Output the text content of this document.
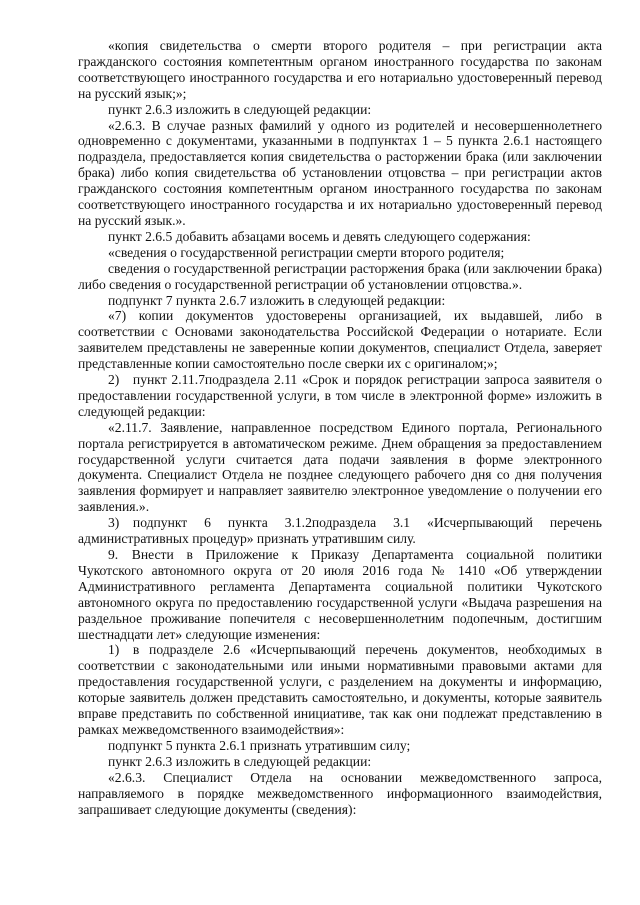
«копия свидетельства о смерти второго родителя – при регистрации акта гражданского состояния компетентным органом иностранного государства по законам соответствующего иностранного государства и его нотариально удостоверенный перевод на русский язык;»;

пункт 2.6.3 изложить в следующей редакции:

«2.6.3. В случае разных фамилий у одного из родителей и несовершеннолетнего одновременно с документами, указанными в подпунктах 1 – 5 пункта 2.6.1 настоящего подраздела, предоставляется копия свидетельства о расторжении брака (или заключении брака) либо копия свидетельства об установлении отцовства – при регистрации актов гражданского состояния компетентным органом иностранного государства по законам соответствующего иностранного государства и их нотариально удостоверенный перевод на русский язык.».

пункт 2.6.5 добавить абзацами восемь и девять следующего содержания:

«сведения о государственной регистрации смерти второго родителя;

сведения о государственной регистрации расторжения брака (или заключении брака) либо сведения о государственной регистрации об установлении отцовства.».

подпункт 7 пункта 2.6.7 изложить в следующей редакции:

«7) копии документов удостоверены организацией, их выдавшей, либо в соответствии с Основами законодательства Российской Федерации о нотариате. Если заявителем представлены не заверенные копии документов, специалист Отдела, заверяет представленные копии самостоятельно после сверки их с оригиналом;»;

2) пункт 2.11.7подраздела 2.11 «Срок и порядок регистрации запроса заявителя о предоставлении государственной услуги, в том числе в электронной форме» изложить в следующей редакции:

«2.11.7. Заявление, направленное посредством Единого портала, Регионального портала регистрируется в автоматическом режиме. Днем обращения за предоставлением государственной услуги считается дата подачи заявления в форме электронного документа. Специалист Отдела не позднее следующего рабочего дня со дня получения заявления формирует и направляет заявителю электронное уведомление о получении его заявления.».

3) подпункт 6 пункта 3.1.2подраздела 3.1 «Исчерпывающий перечень административных процедур» признать утратившим силу.

9. Внести в Приложение к Приказу Департамента социальной политики Чукотского автономного округа от 20 июля 2016 года № 1410 «Об утверждении Административного регламента Департамента социальной политики Чукотского автономного округа по предоставлению государственной услуги «Выдача разрешения на раздельное проживание попечителя с несовершеннолетним подопечным, достигшим шестнадцати лет» следующие изменения:

1) в подразделе 2.6 «Исчерпывающий перечень документов, необходимых в соответствии с законодательными или иными нормативными правовыми актами для предоставления государственной услуги, с разделением на документы и информацию, которые заявитель должен представить самостоятельно, и документы, которые заявитель вправе представить по собственной инициативе, так как они подлежат представлению в рамках межведомственного взаимодействия»:

подпункт 5 пункта 2.6.1 признать утратившим силу;

пункт 2.6.3 изложить в следующей редакции:

«2.6.3. Специалист Отдела на основании межведомственного запроса, направляемого в порядке межведомственного информационного взаимодействия, запрашивает следующие документы (сведения):
